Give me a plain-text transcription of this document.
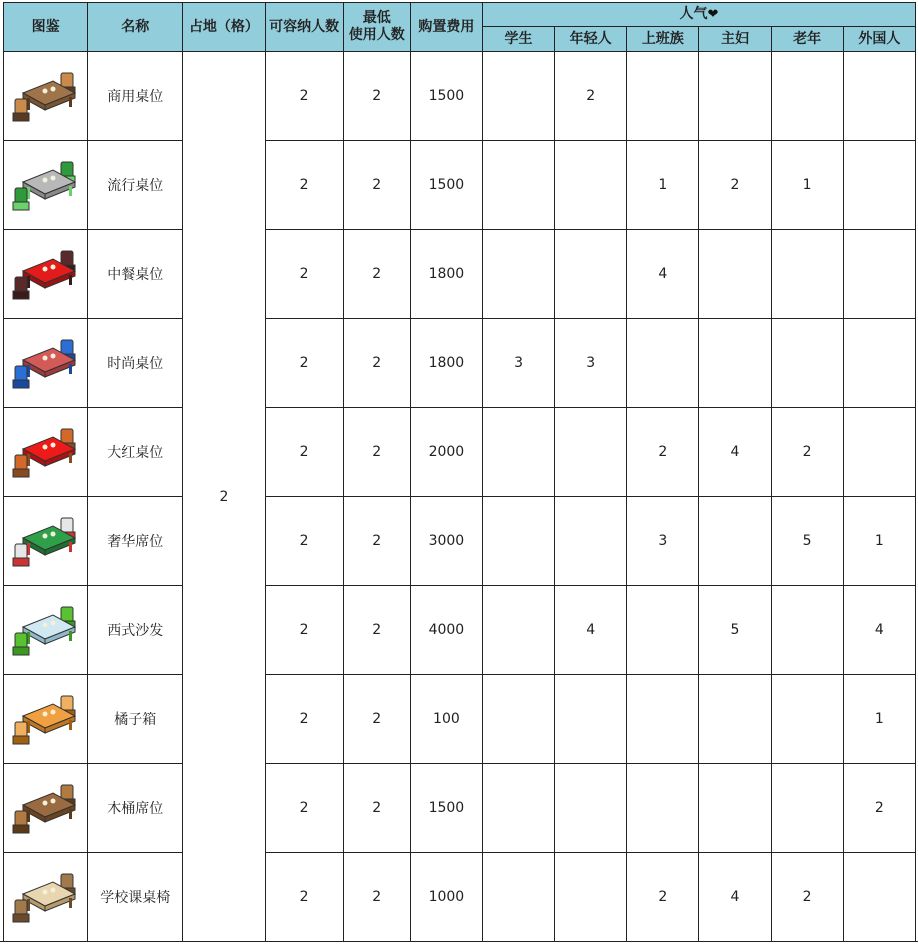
图鉴	名称	占地（格）	可容纳人数	最低
使用人数	购置费用	人气❤					
						学生	年轻人	上班族	主妇	老年	外国人

	商用桌位	2	2	2	1500		2				

	流行桌位		2	2	1500			1	2	1	

	中餐桌位		2	2	1800			4			

	时尚桌位		2	2	1800	3	3				

	大红桌位		2	2	2000			2	4	2	

	奢华席位		2	2	3000			3		5	1

	西式沙发		2	2	4000		4		5		4

	橘子箱		2	2	100						1

	木桶席位		2	2	1500						2

	学校课桌椅		2	2	1000			2	4	2	
